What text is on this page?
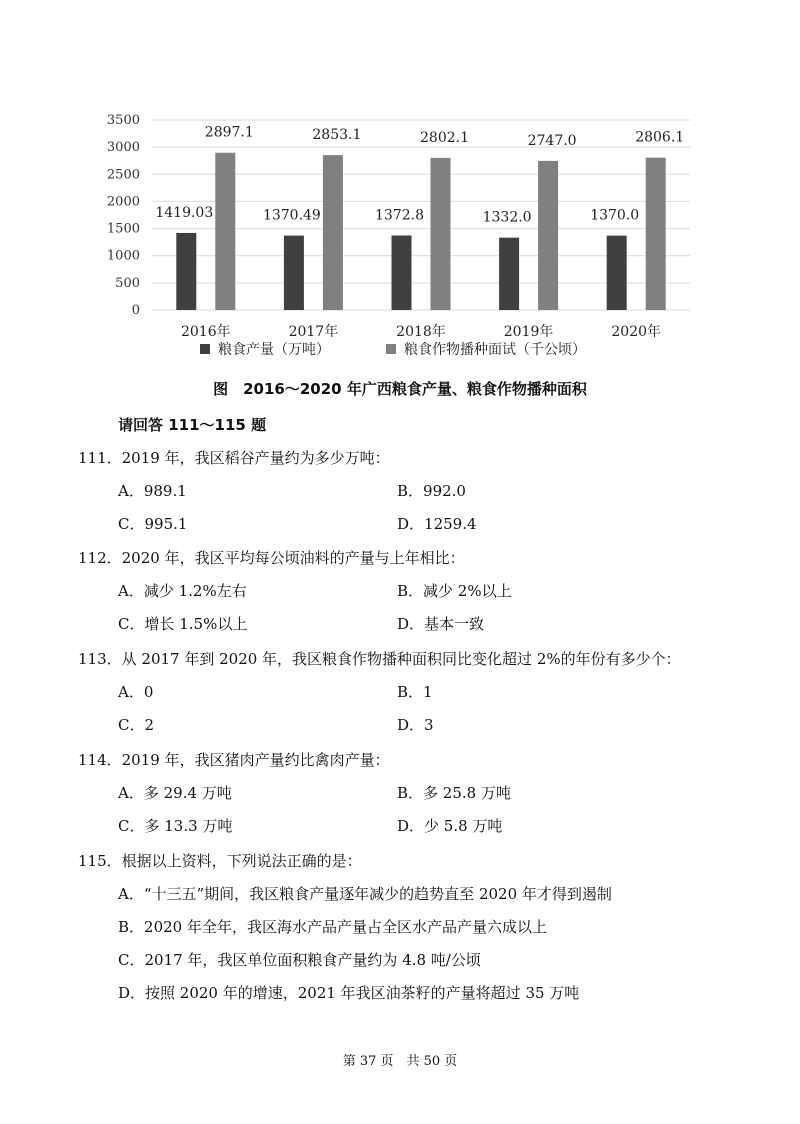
0
500
1000
1500
2000
2500
3000
3500
1419.03
2897.1
2016年
1370.49
2853.1
2017年
1372.8
2802.1
2018年
1332.0
2747.0
2019年
1370.0
2806.1
2020年
粮食产量（万吨）	粮食作物播种面试（千公顷）
图　2016～2020 年广西粮食产量、粮食作物播种面积
请回答 111～115 题
111．2019 年，我区稻谷产量约为多少万吨：
A．989.1	B．992.0
C．995.1	D．1259.4
112．2020 年，我区平均每公顷油料的产量与上年相比：
A．减少 1.2%左右	B．减少 2%以上
C．增长 1.5%以上	D．基本一致
113．从 2017 年到 2020 年，我区粮食作物播种面积同比变化超过 2%的年份有多少个：
A．0	B．1
C．2	D．3
114．2019 年，我区猪肉产量约比禽肉产量：
A．多 29.4 万吨	B．多 25.8 万吨
C．多 13.3 万吨	D．少 5.8 万吨
115．根据以上资料，下列说法正确的是：
A．“十三五”期间，我区粮食产量逐年减少的趋势直至 2020 年才得到遏制
B．2020 年全年，我区海水产品产量占全区水产品产量六成以上
C．2017 年，我区单位面积粮食产量约为 4.8 吨/公顷
D．按照 2020 年的增速，2021 年我区油茶籽的产量将超过 35 万吨
第 37 页　共 50 页
